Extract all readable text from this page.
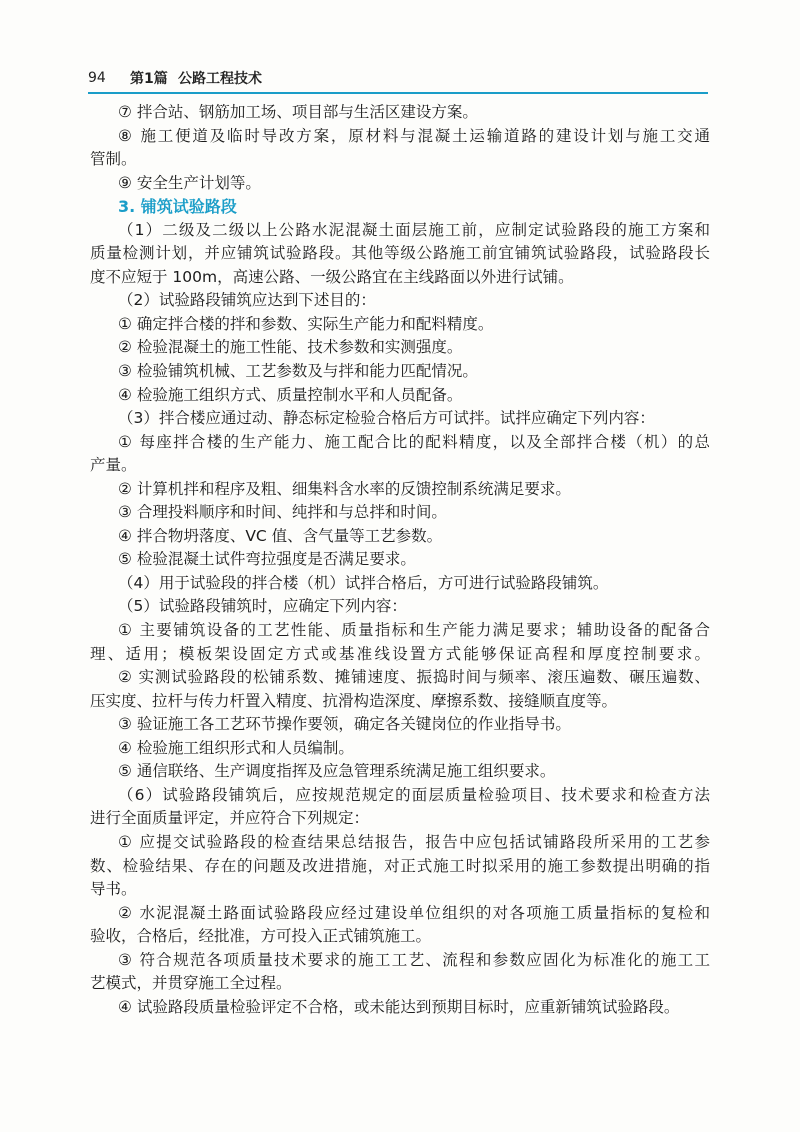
94	第1篇 公路工程技术
⑦ 拌合站、钢筋加工场、项目部与生活区建设方案。
⑧ 施工便道及临时导改方案，原材料与混凝土运输道路的建设计划与施工交通
管制。
⑨ 安全生产计划等。
3. 铺筑试验路段
（1）二级及二级以上公路水泥混凝土面层施工前，应制定试验路段的施工方案和
质量检测计划，并应铺筑试验路段。其他等级公路施工前宜铺筑试验路段，试验路段长
度不应短于 100m，高速公路、一级公路宜在主线路面以外进行试铺。
（2）试验路段铺筑应达到下述目的：
① 确定拌合楼的拌和参数、实际生产能力和配料精度。
② 检验混凝土的施工性能、技术参数和实测强度。
③ 检验铺筑机械、工艺参数及与拌和能力匹配情况。
④ 检验施工组织方式、质量控制水平和人员配备。
（3）拌合楼应通过动、静态标定检验合格后方可试拌。试拌应确定下列内容：
① 每座拌合楼的生产能力、施工配合比的配料精度，以及全部拌合楼（机）的总
产量。
② 计算机拌和程序及粗、细集料含水率的反馈控制系统满足要求。
③ 合理投料顺序和时间、纯拌和与总拌和时间。
④ 拌合物坍落度、VC 值、含气量等工艺参数。
⑤ 检验混凝土试件弯拉强度是否满足要求。
（4）用于试验段的拌合楼（机）试拌合格后，方可进行试验路段铺筑。
（5）试验路段铺筑时，应确定下列内容：
① 主要铺筑设备的工艺性能、质量指标和生产能力满足要求；辅助设备的配备合
理、适用；模板架设固定方式或基准线设置方式能够保证高程和厚度控制要求。
② 实测试验路段的松铺系数、摊铺速度、振捣时间与频率、滚压遍数、碾压遍数、
压实度、拉杆与传力杆置入精度、抗滑构造深度、摩擦系数、接缝顺直度等。
③ 验证施工各工艺环节操作要领，确定各关键岗位的作业指导书。
④ 检验施工组织形式和人员编制。
⑤ 通信联络、生产调度指挥及应急管理系统满足施工组织要求。
（6）试验路段铺筑后，应按规范规定的面层质量检验项目、技术要求和检查方法
进行全面质量评定，并应符合下列规定：
① 应提交试验路段的检查结果总结报告，报告中应包括试铺路段所采用的工艺参
数、检验结果、存在的问题及改进措施，对正式施工时拟采用的施工参数提出明确的指
导书。
② 水泥混凝土路面试验路段应经过建设单位组织的对各项施工质量指标的复检和
验收，合格后，经批准，方可投入正式铺筑施工。
③ 符合规范各项质量技术要求的施工工艺、流程和参数应固化为标准化的施工工
艺模式，并贯穿施工全过程。
④ 试验路段质量检验评定不合格，或未能达到预期目标时，应重新铺筑试验路段。
